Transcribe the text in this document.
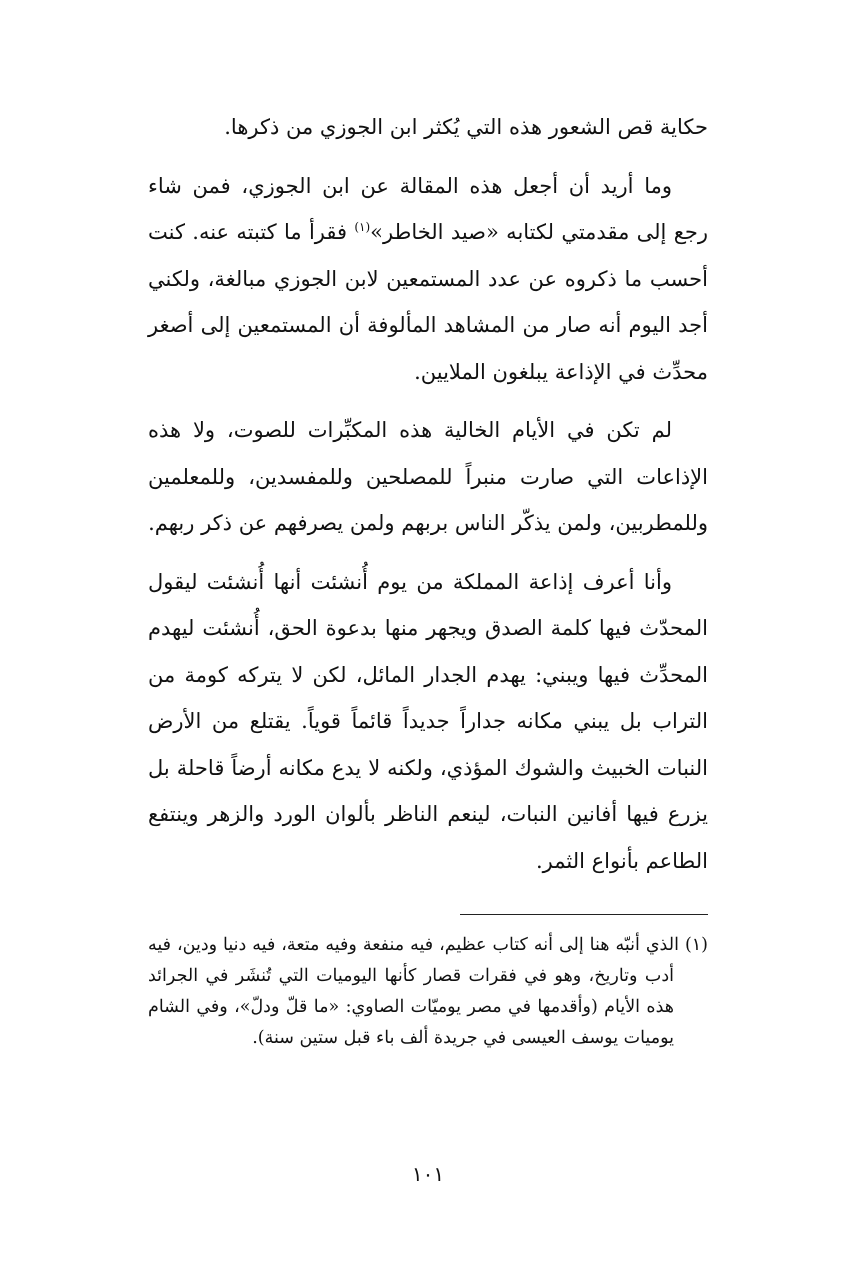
حكاية قص الشعور هذه التي يُكثر ابن الجوزي من ذكرها.

وما أريد أن أجعل هذه المقالة عن ابن الجوزي، فمن شاء رجع إلى مقدمتي لكتابه «صيد الخاطر»$^{(١)}$ فقرأ ما كتبته عنه. كنت أحسب ما ذكروه عن عدد المستمعين لابن الجوزي مبالغة، ولكني أجد اليوم أنه صار من المشاهد المألوفة أن المستمعين إلى أصغر محدِّث في الإذاعة يبلغون الملايين.

لم تكن في الأيام الخالية هذه المكبِّرات للصوت، ولا هذه الإذاعات التي صارت منبراً للمصلحين وللمفسدين، وللمعلمين وللمطربين، ولمن يذكّر الناس بربهم ولمن يصرفهم عن ذكر ربهم.

وأنا أعرف إذاعة المملكة من يوم أُنشئت أنها أُنشئت ليقول المحدّث فيها كلمة الصدق ويجهر منها بدعوة الحق، أُنشئت ليهدم المحدِّث فيها ويبني: يهدم الجدار المائل، لكن لا يتركه كومة من التراب بل يبني مكانه جداراً جديداً قائماً قوياً. يقتلع من الأرض النبات الخبيث والشوك المؤذي، ولكنه لا يدع مكانه أرضاً قاحلة بل يزرع فيها أفانين النبات، لينعم الناظر بألوان الورد والزهر وينتفع الطاعم بأنواع الثمر.

(١)الذي أنبّه هنا إلى أنه كتاب عظيم، فيه منفعة وفيه متعة، فيه دنيا ودين، فيه أدب وتاريخ، وهو في فقرات قصار كأنها اليوميات التي تُنشَر في الجرائد هذه الأيام (وأقدمها في مصر يوميّات الصاوي: «ما قلّ ودلّ»، وفي الشام يوميات يوسف العيسى في جريدة ألف باء قبل ستين سنة).

١٠١
